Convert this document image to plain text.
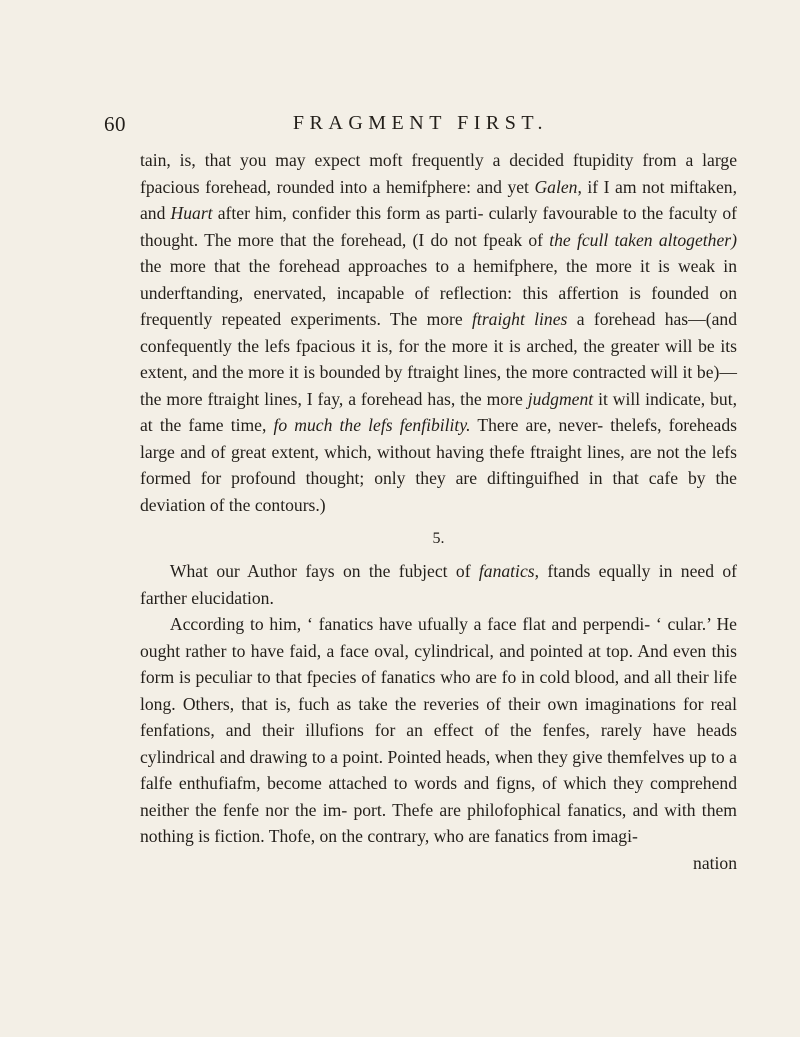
60	FRAGMENT FIRST.

tain, is, that you may expect moft frequently a decided ftupidity from a large fpacious forehead, rounded into a hemifphere: and yet Galen, if I am not miftaken, and Huart after him, confider this form as parti- cularly favourable to the faculty of thought. The more that the forehead, (I do not fpeak of the fcull taken altogether) the more that the forehead approaches to a hemifphere, the more it is weak in underftanding, enervated, incapable of reflection: this affertion is founded on frequently repeated experiments. The more ftraight lines a forehead has—(and confequently the lefs fpacious it is, for the more it is arched, the greater will be its extent, and the more it is bounded by ftraight lines, the more contracted will it be)—the more ftraight lines, I fay, a forehead has, the more judgment it will indicate, but, at the fame time, fo much the lefs fenfibility. There are, never- thelefs, foreheads large and of great extent, which, without having thefe ftraight lines, are not the lefs formed for profound thought; only they are diftinguifhed in that cafe by the deviation of the contours.)

5.

What our Author fays on the fubject of fanatics, ftands equally in need of farther elucidation.

According to him, ‘ fanatics have ufually a face flat and perpendi- ‘ cular.’ He ought rather to have faid, a face oval, cylindrical, and pointed at top. And even this form is peculiar to that fpecies of fanatics who are fo in cold blood, and all their life long. Others, that is, fuch as take the reveries of their own imaginations for real fenfations, and their illufions for an effect of the fenfes, rarely have heads cylindrical and drawing to a point. Pointed heads, when they give themfelves up to a falfe enthufiafm, become attached to words and figns, of which they comprehend neither the fenfe nor the im- port. Thefe are philofophical fanatics, and with them nothing is fiction. Thofe, on the contrary, who are fanatics from imagi-

nation
